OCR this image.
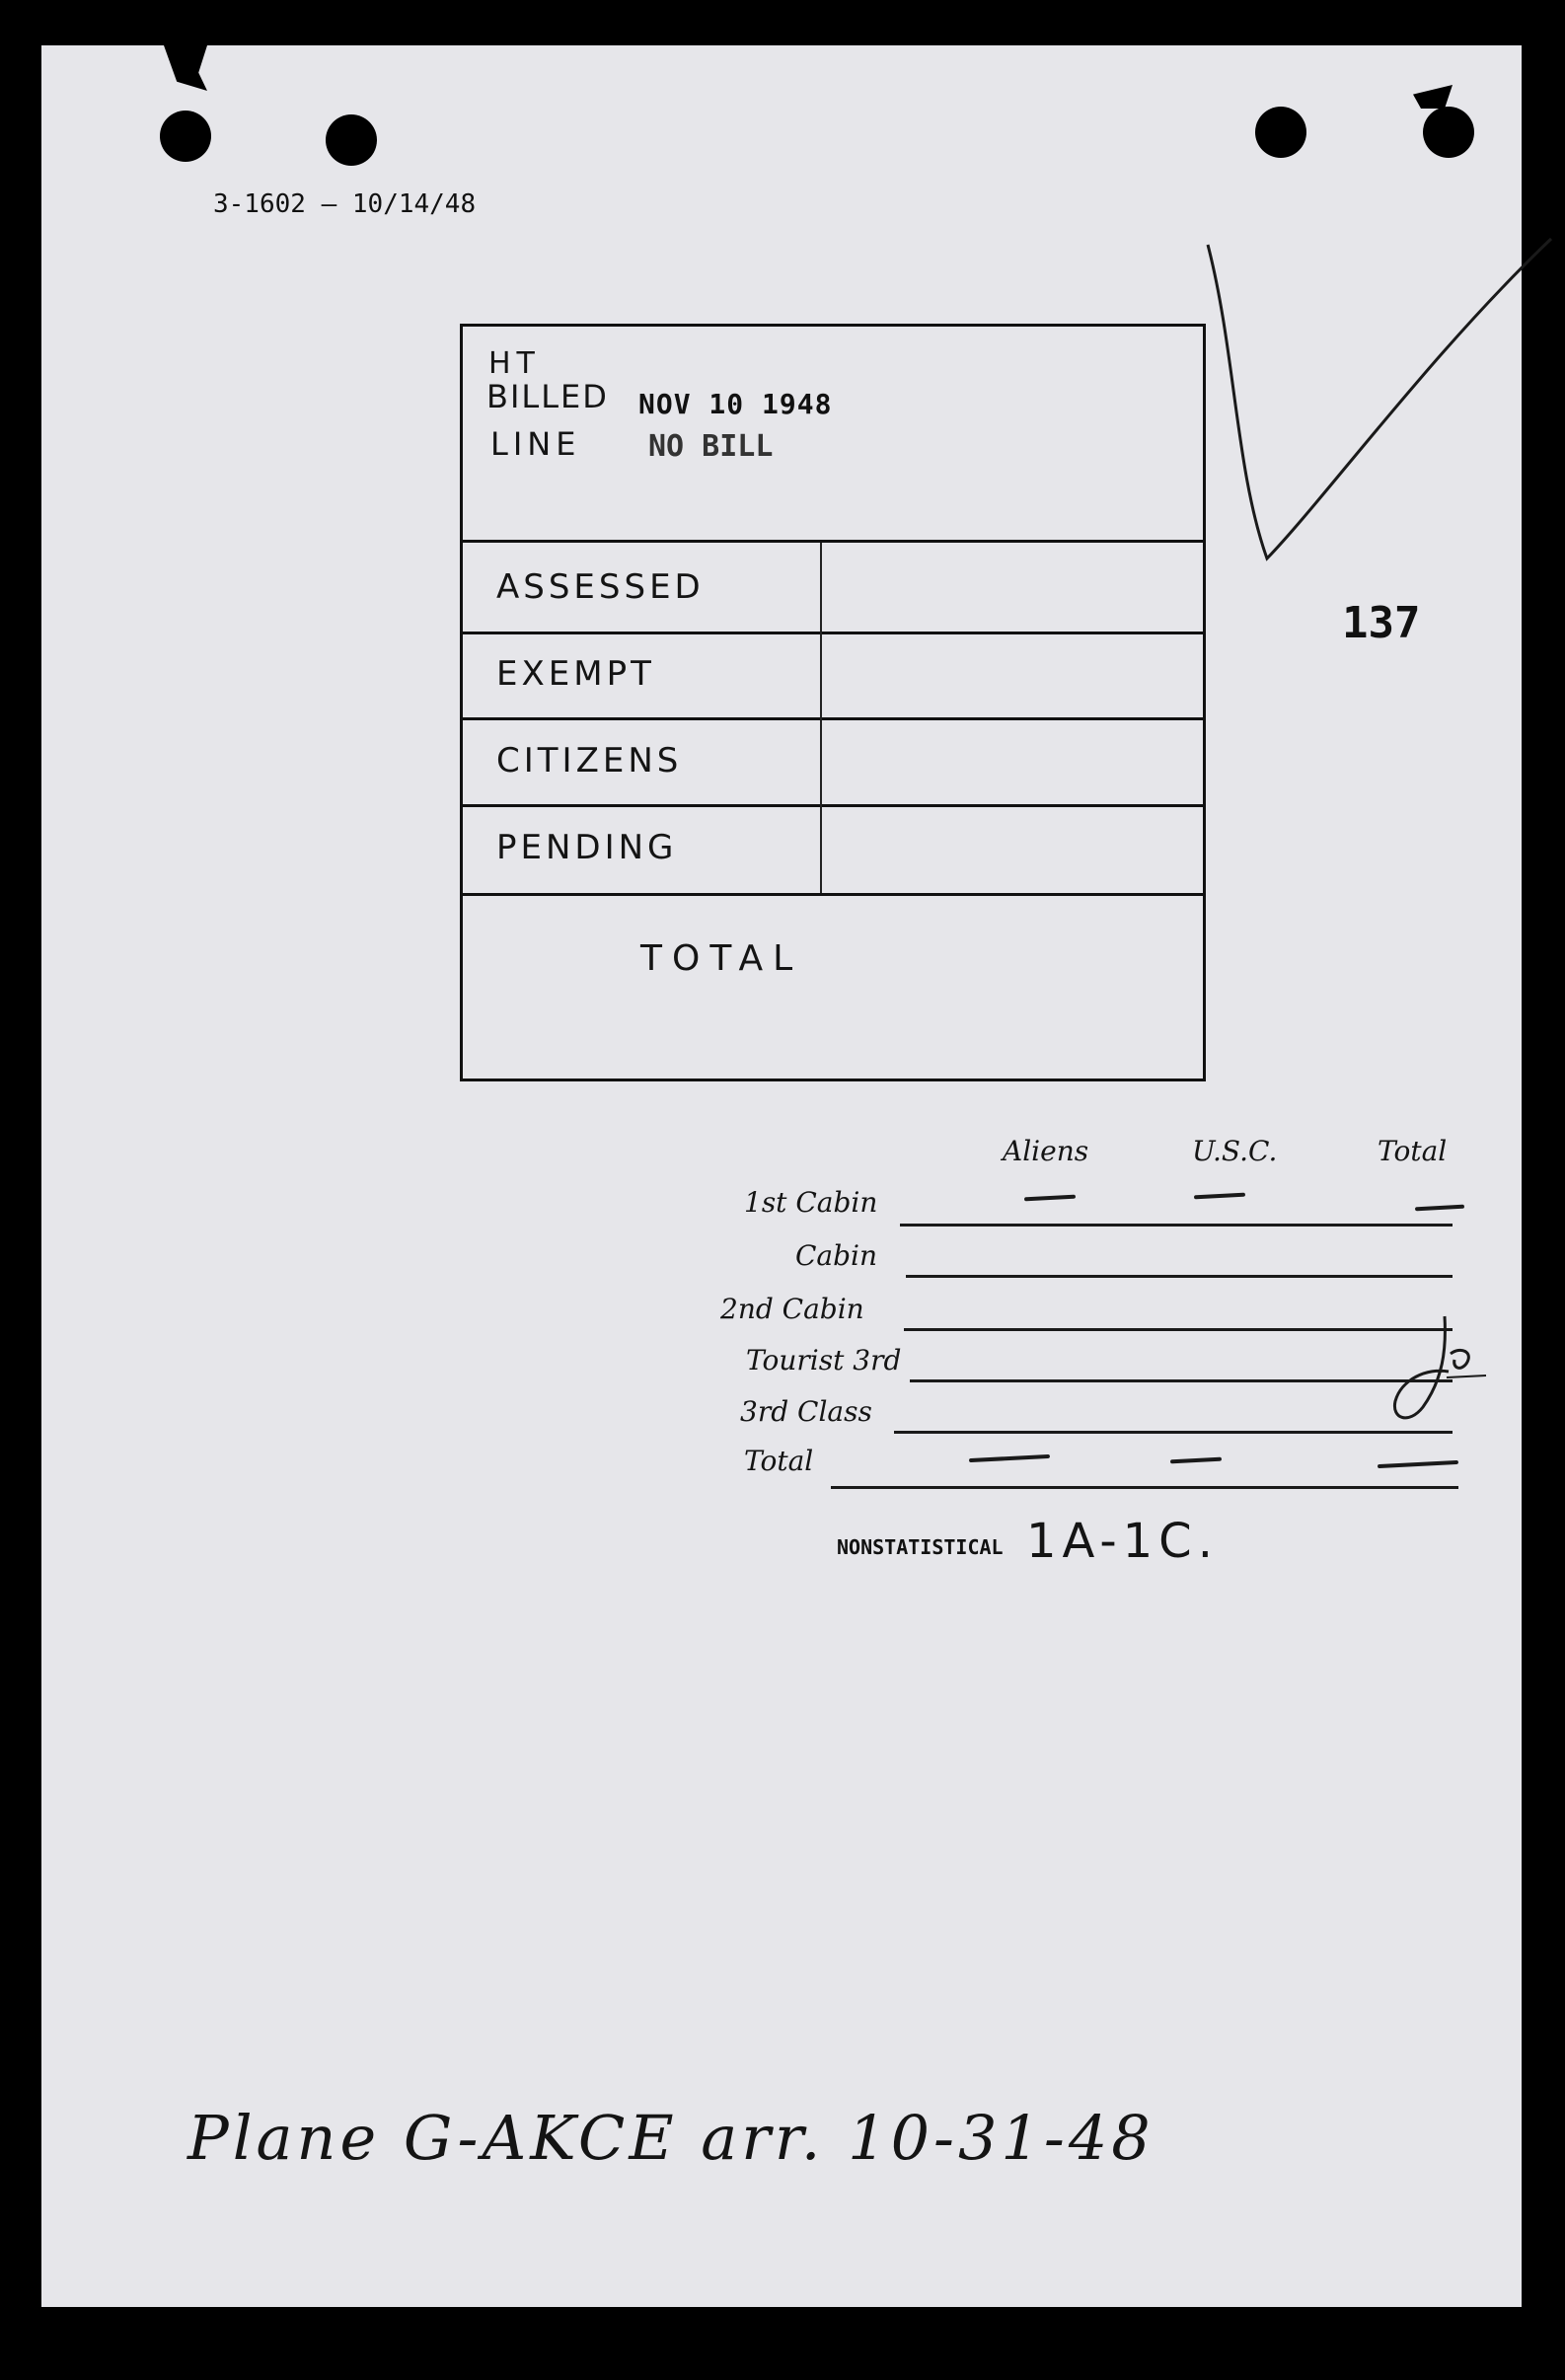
3-1602 — 10/14/48
HT
BILLED NOV 10 1948
LINE NO BILL
ASSESSED
EXEMPT
CITIZENS
PENDING
TOTAL
137
Aliens	U.S.C.	Total
1st Cabin
Cabin
2nd Cabin
Tourist 3rd
3rd Class
Total
NONSTATISTICAL 1A-1C.
Plane G-AKCE arr. 10-31-48
